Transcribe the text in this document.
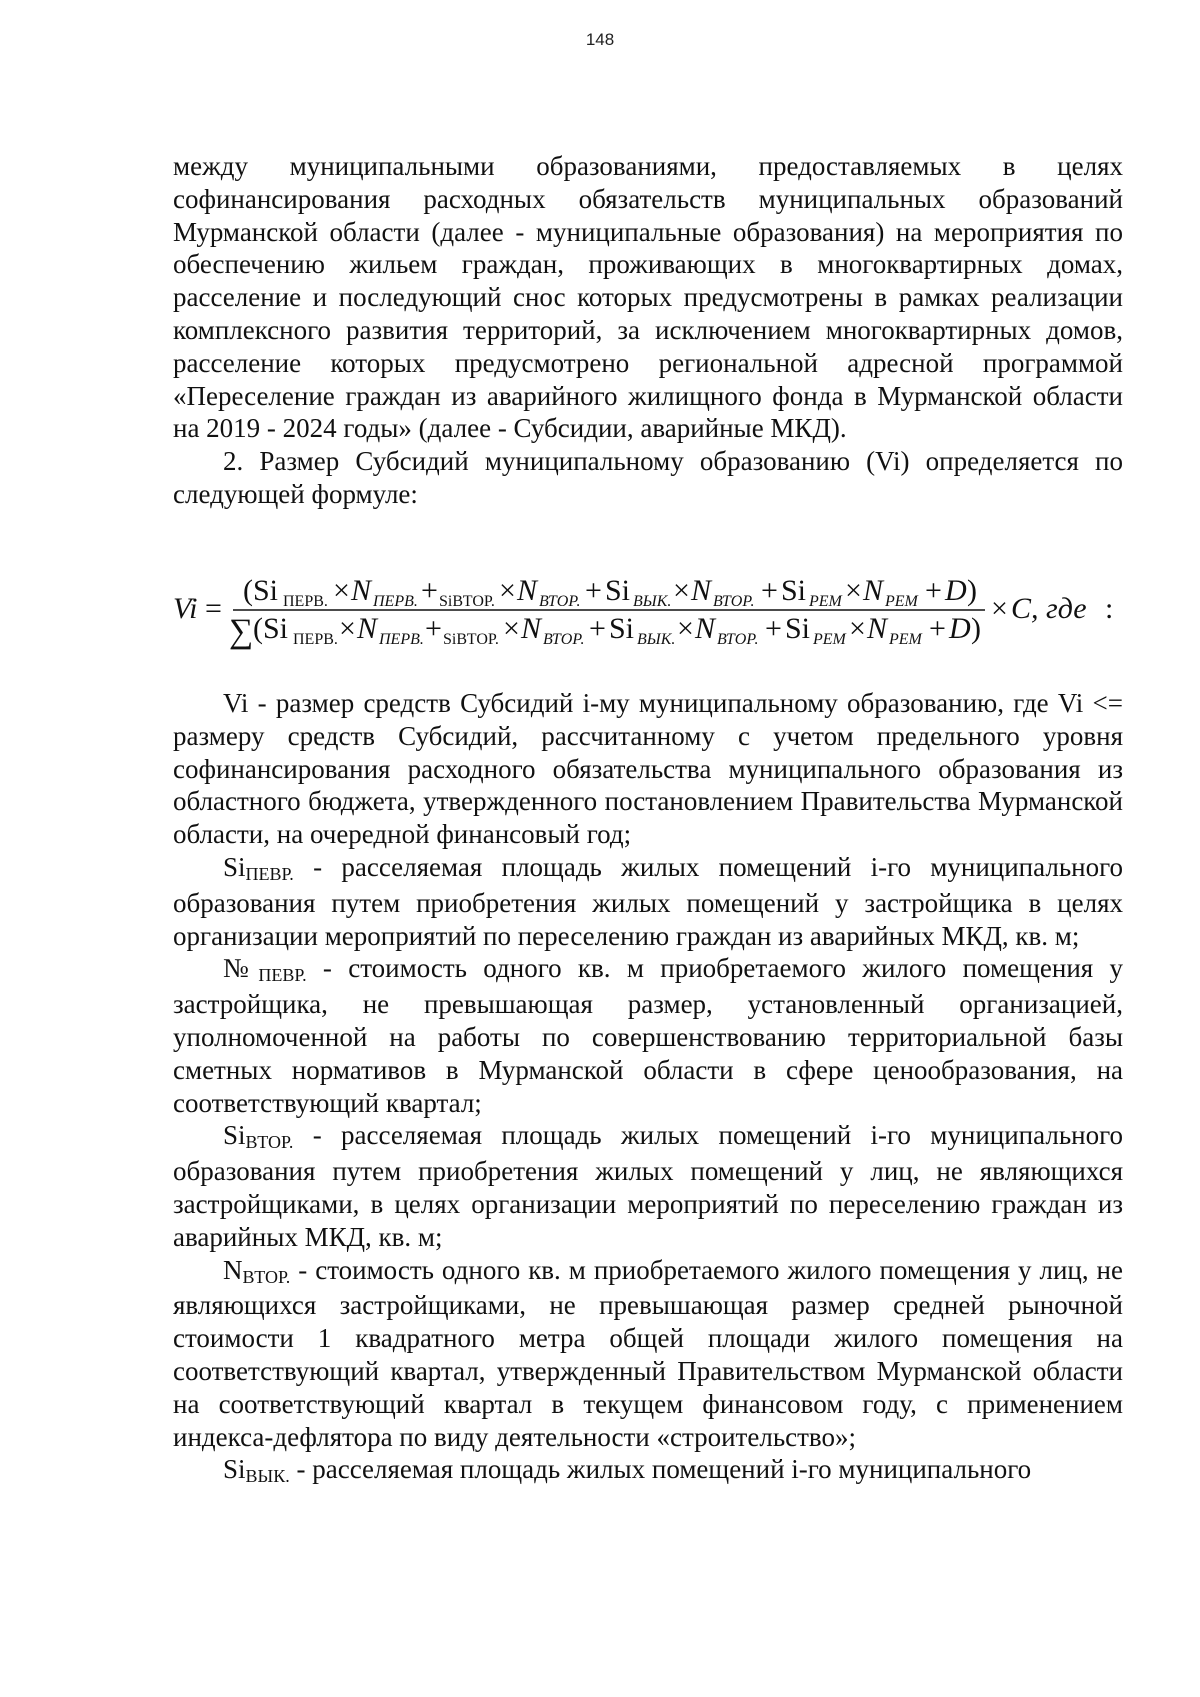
148

между муниципальными образованиями, предоставляемых в целях софинансирования расходных обязательств муниципальных образований Мурманской области (далее - муниципальные образования) на мероприятия по обеспечению жильем граждан, проживающих в многоквартирных домах, расселение и последующий снос которых предусмотрены в рамках реализации комплексного развития территорий, за исключением многоквартирных домов, расселение которых предусмотрено региональной адресной программой «Переселение граждан из аварийного жилищного фонда в Мурманской области на 2019 - 2024 годы» (далее - Субсидии, аварийные МКД).

2. Размер Субсидий муниципальному образованию (Vi) определяется по следующей формуле:

Vi =
( Si ПЕРВ. × N ПЕРВ. + SiВТОР. × N ВТОР. + Si ВЫК. × N ВТОР. + Si РЕМ × N РЕМ + D )
∑ ( Si ПЕРВ. × N ПЕРВ. + SiВТОР. × N ВТОР. + Si ВЫК. × N ВТОР. + Si РЕМ × N РЕМ + D )
× C , где :

Vi - размер средств Субсидий i-му муниципальному образованию, где Vi <= размеру средств Субсидий, рассчитанному с учетом предельного уровня софинансирования расходного обязательства муниципального образования из областного бюджета, утвержденного постановлением Правительства Мурманской области, на очередной финансовый год;

SiПЕВР. - расселяемая площадь жилых помещений i-го муниципального образования путем приобретения жилых помещений у застройщика в целях организации мероприятий по переселению граждан из аварийных МКД, кв. м;

№ПЕВР. - стоимость одного кв. м приобретаемого жилого помещения у застройщика, не превышающая размер, установленный организацией, уполномоченной на работы по совершенствованию территориальной базы сметных нормативов в Мурманской области в сфере ценообразования, на соответствующий квартал;

SiВТОР. - расселяемая площадь жилых помещений i-го муниципального образования путем приобретения жилых помещений у лиц, не являющихся застройщиками, в целях организации мероприятий по переселению граждан из аварийных МКД, кв. м;

NВТОР. - стоимость одного кв. м приобретаемого жилого помещения у лиц, не являющихся застройщиками, не превышающая размер средней рыночной стоимости 1 квадратного метра общей площади жилого помещения на соответствующий квартал, утвержденный Правительством Мурманской области на соответствующий квартал в текущем финансовом году, с применением индекса-дефлятора по виду деятельности «строительство»;

SiВЫК. - расселяемая площадь жилых помещений i-го муниципального
